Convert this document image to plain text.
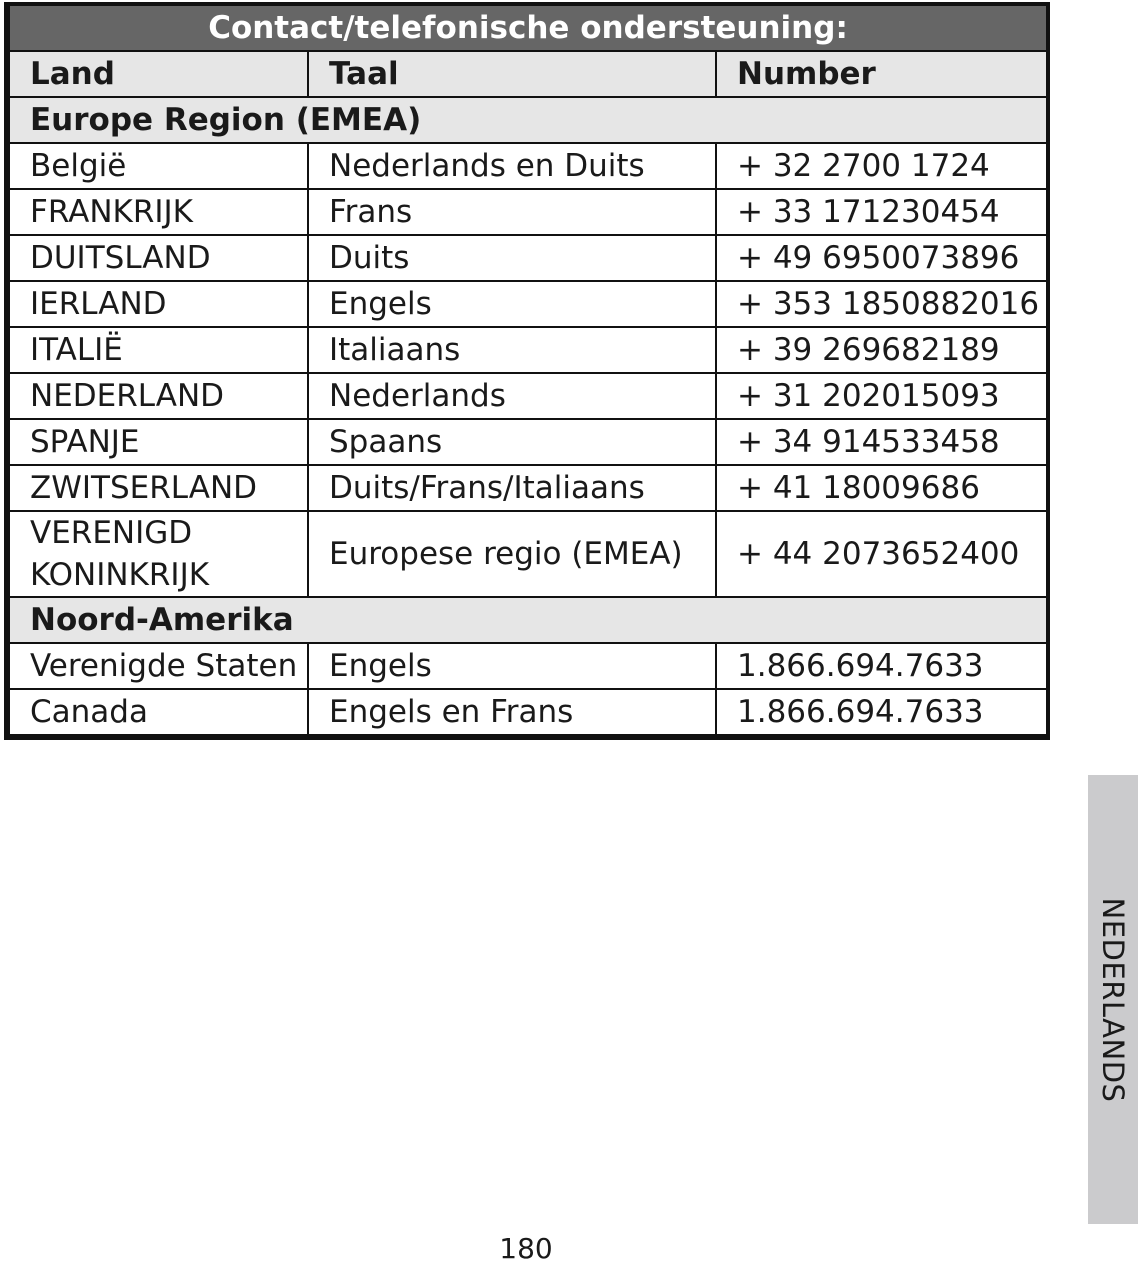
Contact/telefonische ondersteuning:		
Land	Taal	Number
Europe Region (EMEA)		
België	Nederlands en Duits	+ 32 2700 1724
FRANKRIJK	Frans	+ 33 171230454
DUITSLAND	Duits	+ 49 6950073896
IERLAND	Engels	+ 353 1850882016
ITALIË	Italiaans	+ 39 269682189
NEDERLAND	Nederlands	+ 31 202015093
SPANJE	Spaans	+ 34 914533458
ZWITSERLAND	Duits/Frans/Italiaans	+ 41 18009686
VERENIGD KONINKRIJK	Europese regio (EMEA)	+ 44 2073652400
Noord-Amerika		
Verenigde Staten	Engels	1.866.694.7633
Canada	Engels en Frans	1.866.694.7633
NEDERLANDS
180
